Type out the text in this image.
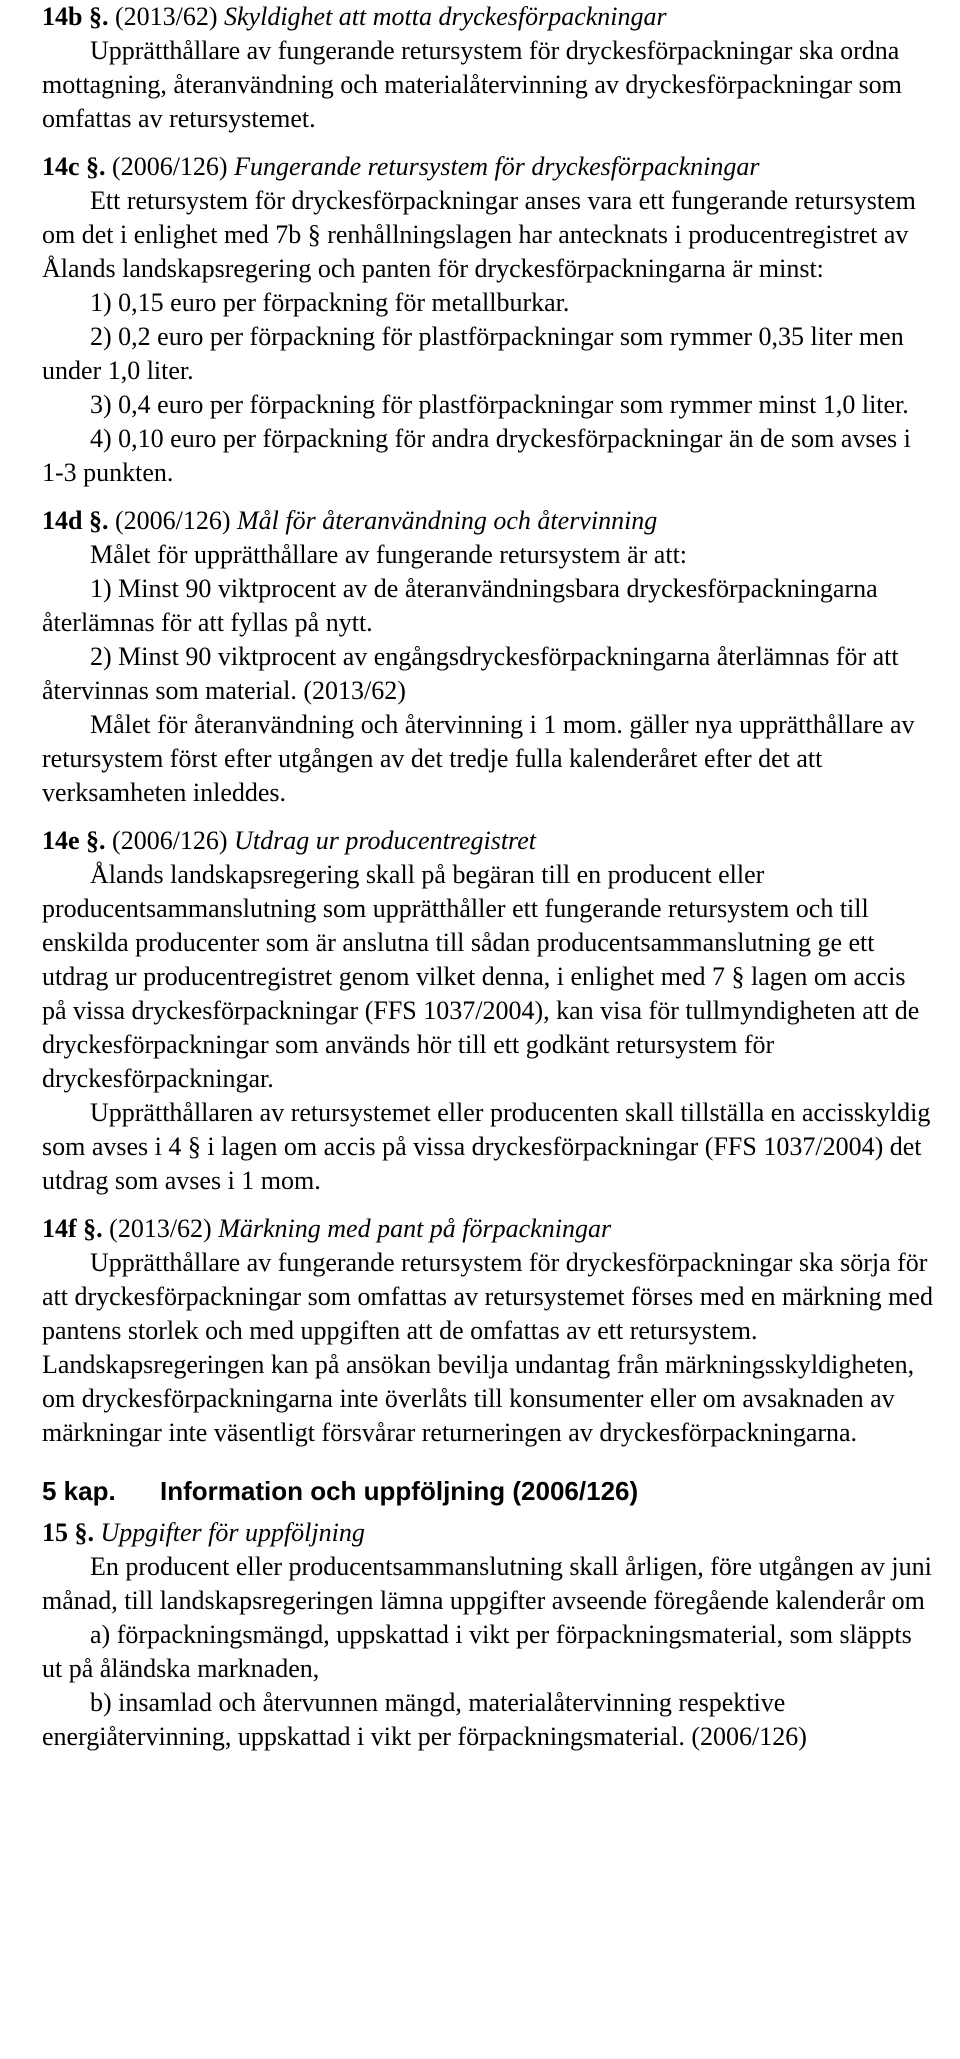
14b §. (2013/62) Skyldighet att motta dryckesförpackningar

Upprätthållare av fungerande retursystem för dryckesförpackningar ska ordna mottagning, återanvändning och materialåtervinning av dryckesförpackningar som omfattas av retursystemet.

14c §. (2006/126) Fungerande retursystem för dryckesförpackningar

Ett retursystem för dryckesförpackningar anses vara ett fungerande retursystem om det i enlighet med 7b § renhållningslagen har antecknats i producentregistret av Ålands landskapsregering och panten för dryckesförpackningarna är minst:

1) 0,15 euro per förpackning för metallburkar.

2) 0,2 euro per förpackning för plastförpackningar som rymmer 0,35 liter men under 1,0 liter.

3) 0,4 euro per förpackning för plastförpackningar som rymmer minst 1,0 liter.

4) 0,10 euro per förpackning för andra dryckesförpackningar än de som avses i 1-3 punkten.

14d §. (2006/126) Mål för återanvändning och återvinning

Målet för upprätthållare av fungerande retursystem är att:

1) Minst 90 viktprocent av de återanvändningsbara dryckesförpackningarna återlämnas för att fyllas på nytt.

2) Minst 90 viktprocent av engångsdryckesförpackningarna återlämnas för att återvinnas som material. (2013/62)

Målet för återanvändning och återvinning i 1 mom. gäller nya upprätthållare av retursystem först efter utgången av det tredje fulla kalenderåret efter det att verksamheten inleddes.

14e §. (2006/126) Utdrag ur producentregistret

Ålands landskapsregering skall på begäran till en producent eller producentsammanslutning som upprätthåller ett fungerande retursystem och till enskilda producenter som är anslutna till sådan producentsammanslutning ge ett utdrag ur producentregistret genom vilket denna, i enlighet med 7 § lagen om accis på vissa dryckesförpackningar (FFS 1037/2004), kan visa för tullmyndigheten att de dryckesförpackningar som används hör till ett godkänt retursystem för dryckesförpackningar.

Upprätthållaren av retursystemet eller producenten skall tillställa en accisskyldig som avses i 4 § i lagen om accis på vissa dryckesförpackningar (FFS 1037/2004) det utdrag som avses i 1 mom.

14f §. (2013/62) Märkning med pant på förpackningar

Upprätthållare av fungerande retursystem för dryckesförpackningar ska sörja för att dryckesförpackningar som omfattas av retursystemet förses med en märkning med pantens storlek och med uppgiften att de omfattas av ett retursystem. Landskapsregeringen kan på ansökan bevilja undantag från märkningsskyldigheten, om dryckesförpackningarna inte överlåts till konsumenter eller om avsaknaden av märkningar inte väsentligt försvårar returneringen av dryckesförpackningarna.

5 kap. Information och uppföljning (2006/126)

15 §. Uppgifter för uppföljning

En producent eller producentsammanslutning skall årligen, före utgången av juni månad, till landskapsregeringen lämna uppgifter avseende föregående kalenderår om

a) förpackningsmängd, uppskattad i vikt per förpackningsmaterial, som släppts ut på åländska marknaden,

b) insamlad och återvunnen mängd, materialåtervinning respektive energiåtervinning, uppskattad i vikt per förpackningsmaterial. (2006/126)
